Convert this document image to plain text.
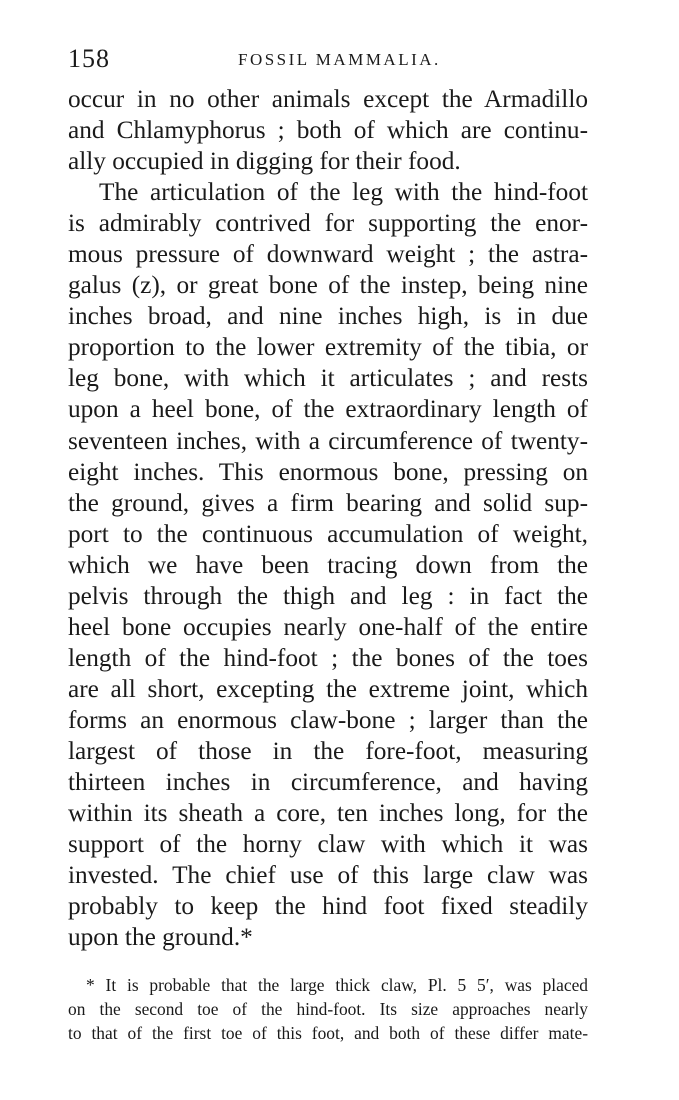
158	FOSSIL MAMMALIA.
occur in no other animals except the Armadillo
and Chlamyphorus ; both of which are continu-
ally occupied in digging for their food.
The articulation of the leg with the hind-foot
is admirably contrived for supporting the enor-
mous pressure of downward weight ; the astra-
galus (z), or great bone of the instep, being nine
inches broad, and nine inches high, is in due
proportion to the lower extremity of the tibia, or
leg bone, with which it articulates ; and rests
upon a heel bone, of the extraordinary length of
seventeen inches, with a circumference of twenty-
eight inches. This enormous bone, pressing on
the ground, gives a firm bearing and solid sup-
port to the continuous accumulation of weight,
which we have been tracing down from the
pelvis through the thigh and leg : in fact the
heel bone occupies nearly one-half of the entire
length of the hind-foot ; the bones of the toes
are all short, excepting the extreme joint, which
forms an enormous claw-bone ; larger than the
largest of those in the fore-foot, measuring
thirteen inches in circumference, and having
within its sheath a core, ten inches long, for the
support of the horny claw with which it was
invested. The chief use of this large claw was
probably to keep the hind foot fixed steadily
upon the ground.*
* It is probable that the large thick claw, Pl. 5 5′, was placed
on the second toe of the hind-foot. Its size approaches nearly
to that of the first toe of this foot, and both of these differ mate-
